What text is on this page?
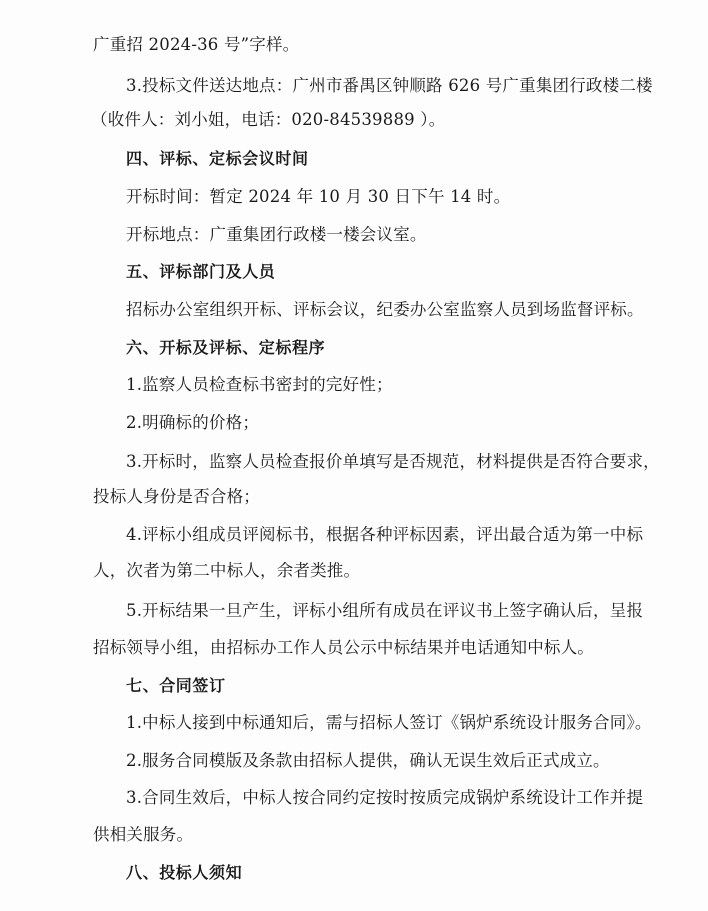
广重招 2024-36 号”字样。
3.投标文件送达地点：广州市番禺区钟顺路 626 号广重集团行政楼二楼
（收件人：刘小姐，电话：020-84539889 ）。
四、评标、定标会议时间
开标时间：暂定 2024 年 10 月 30 日下午 14 时。
开标地点：广重集团行政楼一楼会议室。
五、评标部门及人员
招标办公室组织开标、评标会议，纪委办公室监察人员到场监督评标。
六、开标及评标、定标程序
1.监察人员检查标书密封的完好性；
2.明确标的价格；
3.开标时，监察人员检查报价单填写是否规范，材料提供是否符合要求，
投标人身份是否合格；
4.评标小组成员评阅标书，根据各种评标因素，评出最合适为第一中标
人，次者为第二中标人，余者类推。
5.开标结果一旦产生，评标小组所有成员在评议书上签字确认后，呈报
招标领导小组，由招标办工作人员公示中标结果并电话通知中标人。
七、合同签订
1.中标人接到中标通知后，需与招标人签订《锅炉系统设计服务合同》。
2.服务合同模版及条款由招标人提供，确认无误生效后正式成立。
3.合同生效后，中标人按合同约定按时按质完成锅炉系统设计工作并提
供相关服务。
八、投标人须知
